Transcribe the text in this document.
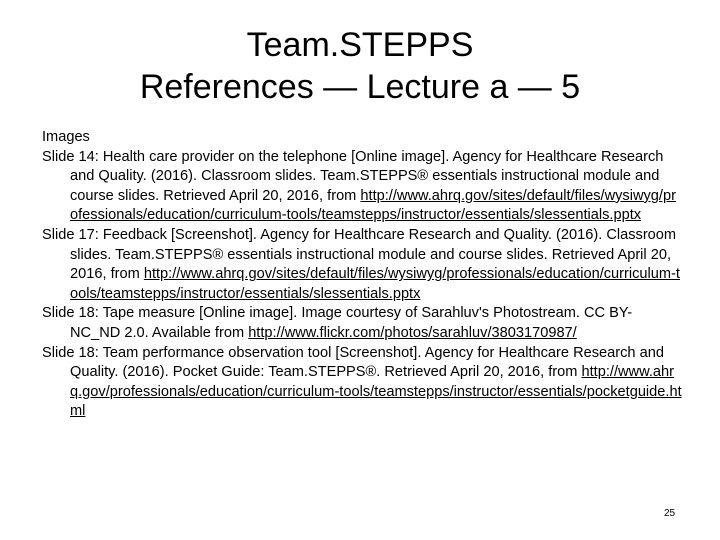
Team.STEPPS
References — Lecture a — 5

Images

Slide 14: Health care provider on the telephone [Online image]. Agency for Healthcare Research and Quality. (2016). Classroom slides. Team.STEPPS® essentials instructional module and course slides. Retrieved April 20, 2016, from http://www.ahrq.gov/sites/default/files/wysiwyg/professionals/education/curriculum-tools/teamstepps/instructor/essentials/slessentials.pptx

Slide 17: Feedback [Screenshot]. Agency for Healthcare Research and Quality. (2016). Classroom slides. Team.STEPPS® essentials instructional module and course slides. Retrieved April 20, 2016, from http://www.ahrq.gov/sites/default/files/wysiwyg/professionals/education/curriculum-tools/teamstepps/instructor/essentials/slessentials.pptx

Slide 18: Tape measure [Online image]. Image courtesy of Sarahluv's Photostream. CC BY-NC_ND 2.0. Available from http://www.flickr.com/photos/sarahluv/3803170987/

Slide 18: Team performance observation tool [Screenshot]. Agency for Healthcare Research and Quality. (2016). Pocket Guide: Team.STEPPS®. Retrieved April 20, 2016, from http://www.ahrq.gov/professionals/education/curriculum-tools/teamstepps/instructor/essentials/pocketguide.html

25
